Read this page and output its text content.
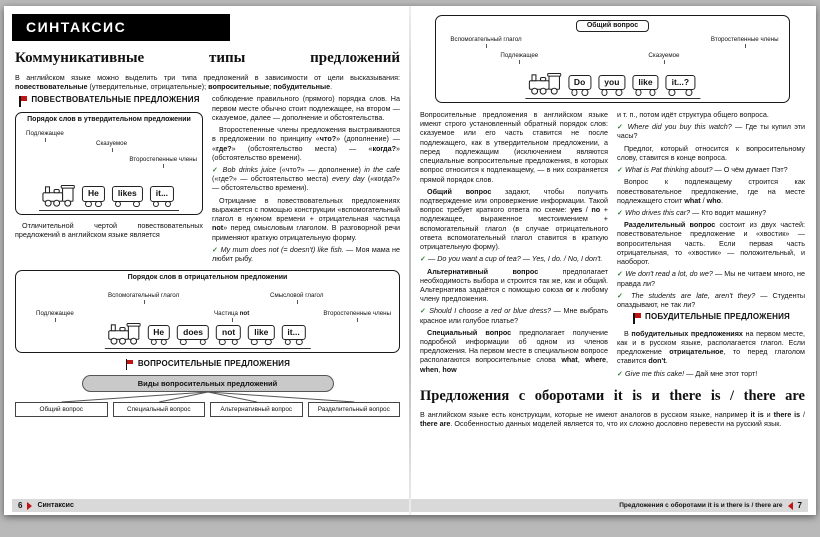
СИНТАКСИС
Коммуникативные типы предложений

В английском языке можно выделить три типа предложений в зависимости от цели высказывания: повествовательные (утвердительные, отрицательные); вопросительные; побудительные.

ПОВЕСТВОВАТЕЛЬНЫЕ ПРЕДЛОЖЕНИЯ
Порядок слов в утвердительном предложении
Подлежащее
Сказуемое
Второстепенные члены
He	likes	it...

Отличительной чертой повествовательных предложений в английском языке является

соблюдение правильного (прямого) порядка слов. На первом месте обычно стоит подлежащее, на втором — сказуемое, далее — дополнение и обстоятельства.

Второстепенные члены предложения выстраиваются в предложении по принципу «что?» (дополнение) — «где?» (обстоятельство места) — «когда?» (обстоятельство времени).

✓ Bob drinks juice («что?» — дополнение) in the cafe («где?» — обстоятельство места) every day («когда?» — обстоятельство времени).

Отрицание в повествовательных предложениях выражается с помощью конструкции «вспомогательный глагол в нужном времени + отрицательная частица not» перед смысловым глаголом. В разговорной речи применяют краткую отрицательную форму.

✓ My mum does not (= doesn't) like fish. — Моя мама не любит рыбу.

Порядок слов в отрицательном предложении
Подлежащее
Вспомогательный глагол
Частица not
Смысловой глагол
Второстепенные члены
He	does	not	like	it...
ВОПРОСИТЕЛЬНЫЕ ПРЕДЛОЖЕНИЯ
Виды вопросительных предложений
Общий вопрос	Специальный вопрос	Альтернативный вопрос	Разделительный вопрос
6 Синтаксис
Общий вопрос
Вспомогательный глагол
Подлежащее	Сказуемое
Второстепенные члены
Do	you	like	it...?

Вопросительные предложения в английском языке имеют строго установленный обратный порядок слов: сказуемое или его часть ставится не после подлежащего, как в утвердительном предложении, а перед подлежащим (исключением являются специальные вопросительные предложения, в которых вопрос относится к подлежащему, — в них сохраняется прямой порядок слов.

Общий вопрос задают, чтобы получить подтверждение или опровержение информации. Такой вопрос требует краткого ответа по схеме: yes / no + подлежащее, выраженное местоимением + вспомогательный глагол (в случае отрицательного ответа вспомогательный глагол ставится в краткую отрицательную форму).

✓ — Do you want a cup of tea? — Yes, I do. / No, I don't.

Альтернативный вопрос предполагает необходимость выбора и строится так же, как и общий. Альтернатива задаётся с помощью союза or к любому члену предложения.

✓ Should I choose a red or blue dress? — Мне выбрать красное или голубое платье?

Специальный вопрос предполагает получение подробной информации об одном из членов предложения. На первом месте в специальном вопросе располагаются вопросительные слова what, where, when, how

и т. п., потом идёт структура общего вопроса.

✓ Where did you buy this watch? — Где ты купил эти часы?

Предлог, который относится к вопросительному слову, ставится в конце вопроса.

✓ What is Pat thinking about? — О чём думает Пэт?

Вопрос к подлежащему строится как повествовательное предложение, где на месте подлежащего стоит what / who.

✓ Who drives this car? — Кто водит машину?

Разделительный вопрос состоит из двух частей: повествовательное предложение и «хвостик» — вопросительная часть. Если первая часть отрицательная, то «хвостик» — положительный, и наоборот.

✓ We don't read a lot, do we? — Мы не читаем много, не правда ли?

✓ The students are late, aren't they? — Студенты опаздывают, не так ли?

ПОБУДИТЕЛЬНЫЕ ПРЕДЛОЖЕНИЯ

В побудительных предложениях на первом месте, как и в русском языке, располагается глагол. Если предложение отрицательное, то перед глаголом ставится don't.

✓ Give me this cake! — Дай мне этот торт!

Предложения с оборотами it is и there is / there are

В английском языке есть конструкции, которые не имеют аналогов в русском языке, например it is и there is / there are. Особенностью данных моделей является то, что их сложно дословно перевести на русский язык.

Предложения с оборотами it is и there is / there are 7
